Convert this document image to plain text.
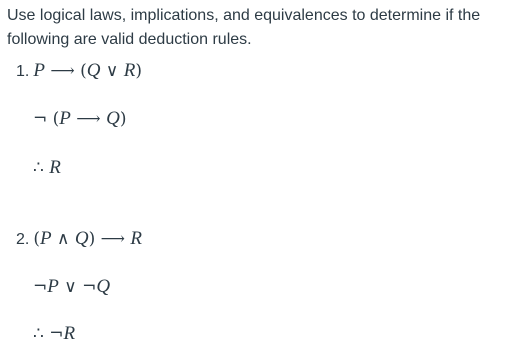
Use logical laws, implications, and equivalences to determine if the following are valid deduction rules.
1. P ⟶ (Q ∨ R)
¬ (P ⟶ Q)
∴ R
2. (P ∧ Q) ⟶ R
¬P ∨ ¬Q
∴ ¬R
